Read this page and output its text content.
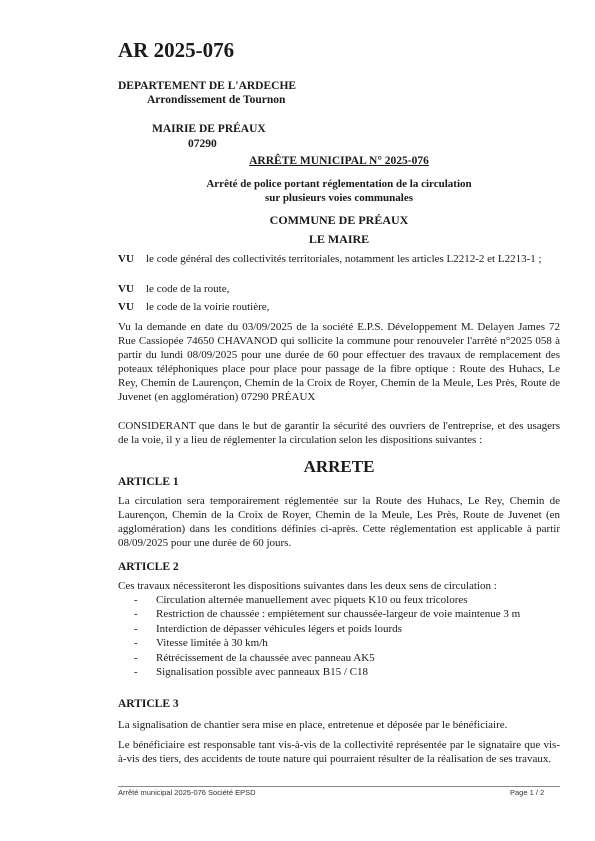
AR 2025-076
DEPARTEMENT DE L'ARDECHE
Arrondissement de Tournon
MAIRIE DE PRÉAUX
07290
ARRÊTE MUNICIPAL N° 2025-076
Arrêté de police portant réglementation de la circulation
sur plusieurs voies communales
COMMUNE DE PRÉAUX
LE MAIRE
VU le code général des collectivités territoriales, notamment les articles L2212-2 et L2213-1 ;
VU le code de la route,
VU le code de la voirie routière,
Vu la demande en date du 03/09/2025 de la société E.P.S. Développement M. Delayen James 72 Rue Cassiopée 74650 CHAVANOD qui sollicite la commune pour renouveler l'arrêté n°2025 058 à partir du lundi 08/09/2025 pour une durée de 60 pour effectuer des travaux de remplacement des poteaux téléphoniques place pour place pour passage de la fibre optique : Route des Huhacs, Le Rey, Chemin de Laurençon, Chemin de la Croix de Royer, Chemin de la Meule, Les Près, Route de Juvenet (en agglomération) 07290 PRÉAUX
CONSIDERANT que dans le but de garantir la sécurité des ouvriers de l'entreprise, et des usagers de la voie, il y a lieu de réglementer la circulation selon les dispositions suivantes :
ARRETE
ARTICLE 1
La circulation sera temporairement réglementée sur la Route des Huhacs, Le Rey, Chemin de Laurençon, Chemin de la Croix de Royer, Chemin de la Meule, Les Près, Route de Juvenet (en agglomération) dans les conditions définies ci-après. Cette réglementation est applicable à partir 08/09/2025 pour une durée de 60 jours.
ARTICLE 2
Ces travaux nécessiteront les dispositions suivantes dans les deux sens de circulation :
- Circulation alternée manuellement avec piquets K10 ou feux tricolores
- Restriction de chaussée : empiètement sur chaussée-largeur de voie maintenue 3 m
- Interdiction de dépasser véhicules légers et poids lourds
- Vitesse limitée à 30 km/h
- Rétrécissement de la chaussée avec panneau AK5
- Signalisation possible avec panneaux B15 / C18
ARTICLE 3
La signalisation de chantier sera mise en place, entretenue et déposée par le bénéficiaire.
Le bénéficiaire est responsable tant vis-à-vis de la collectivité représentée par le signataire que vis-à-vis des tiers, des accidents de toute nature qui pourraient résulter de la réalisation de ses travaux.
Arrêté municipal 2025-076 Société EPSD	Page 1 / 2
